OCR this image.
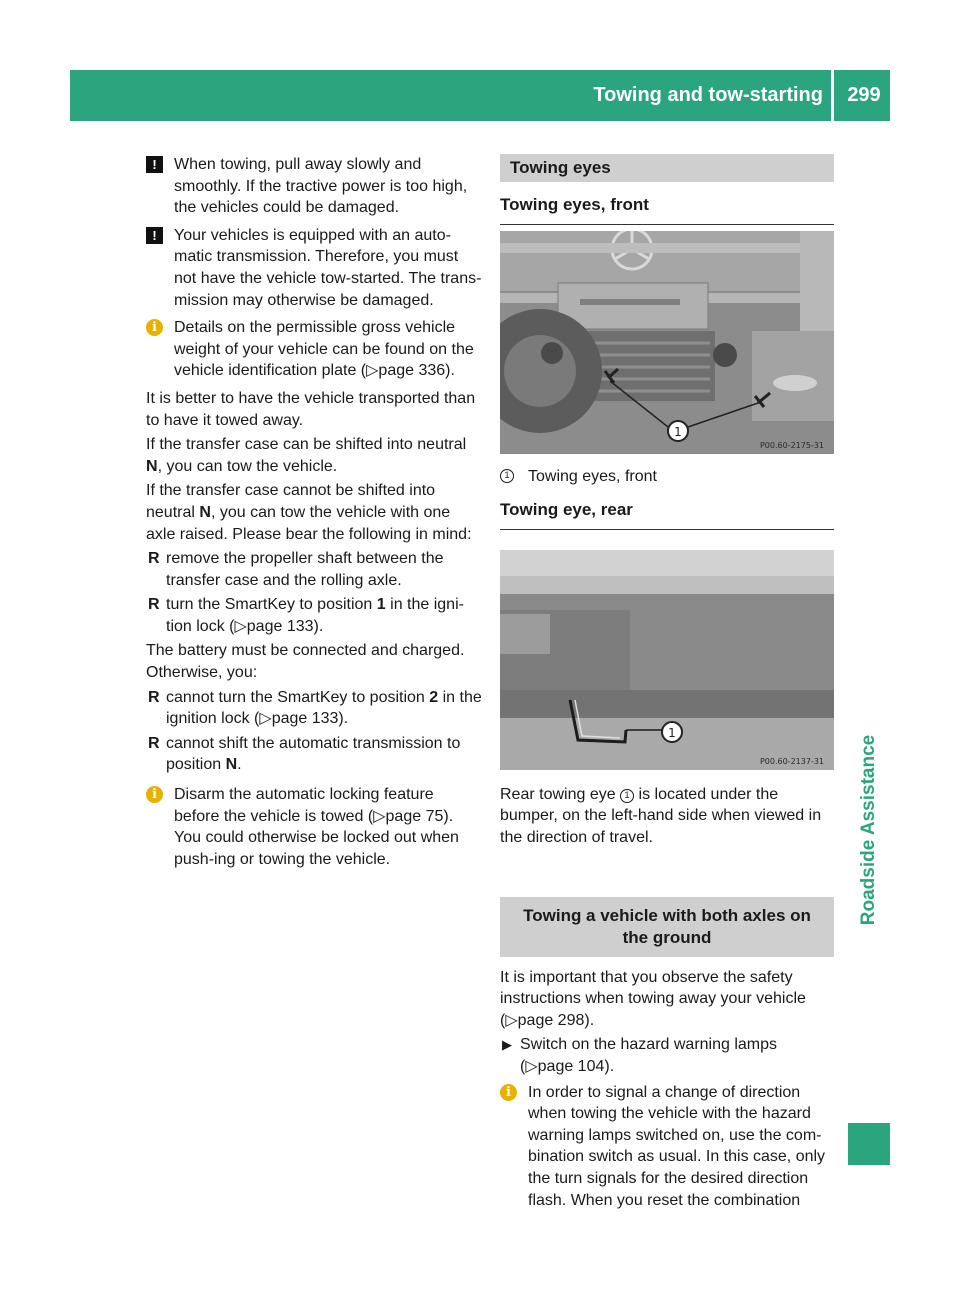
Towing and tow-starting	299
Roadside Assistance
!	When towing, pull away slowly and smoothly. If the tractive power is too high, the vehicles could be damaged.
!	Your vehicles is equipped with an auto-matic transmission. Therefore, you must not have the vehicle tow-started. The trans-mission may otherwise be damaged.
i	Details on the permissible gross vehicle weight of your vehicle can be found on the vehicle identification plate (▷page 336).

It is better to have the vehicle transported than to have it towed away.

If the transfer case can be shifted into neutral N, you can tow the vehicle.

If the transfer case cannot be shifted into neutral N, you can tow the vehicle with one axle raised. Please bear the following in mind:

R remove the propeller shaft between the transfer case and the rolling axle.
R turn the SmartKey to position 1 in the igni-tion lock (▷page 133).

The battery must be connected and charged. Otherwise, you:

R cannot turn the SmartKey to position 2 in the ignition lock (▷page 133).
R cannot shift the automatic transmission to position N.
i	Disarm the automatic locking feature before the vehicle is towed (▷page 75). You could otherwise be locked out when push-ing or towing the vehicle.
Towing eyes
Towing eyes, front
1
P00.60-2175-31
1 Towing eyes, front
Towing eye, rear
1
P00.60-2137-31

Rear towing eye 1 is located under the bumper, on the left-hand side when viewed in the direction of travel.

Towing a vehicle with both axles on the ground

It is important that you observe the safety instructions when towing away your vehicle (▷page 298).

▶ Switch on the hazard warning lamps (▷page 104).
i	In order to signal a change of direction when towing the vehicle with the hazard warning lamps switched on, use the com-bination switch as usual. In this case, only the turn signals for the desired direction flash. When you reset the combination
